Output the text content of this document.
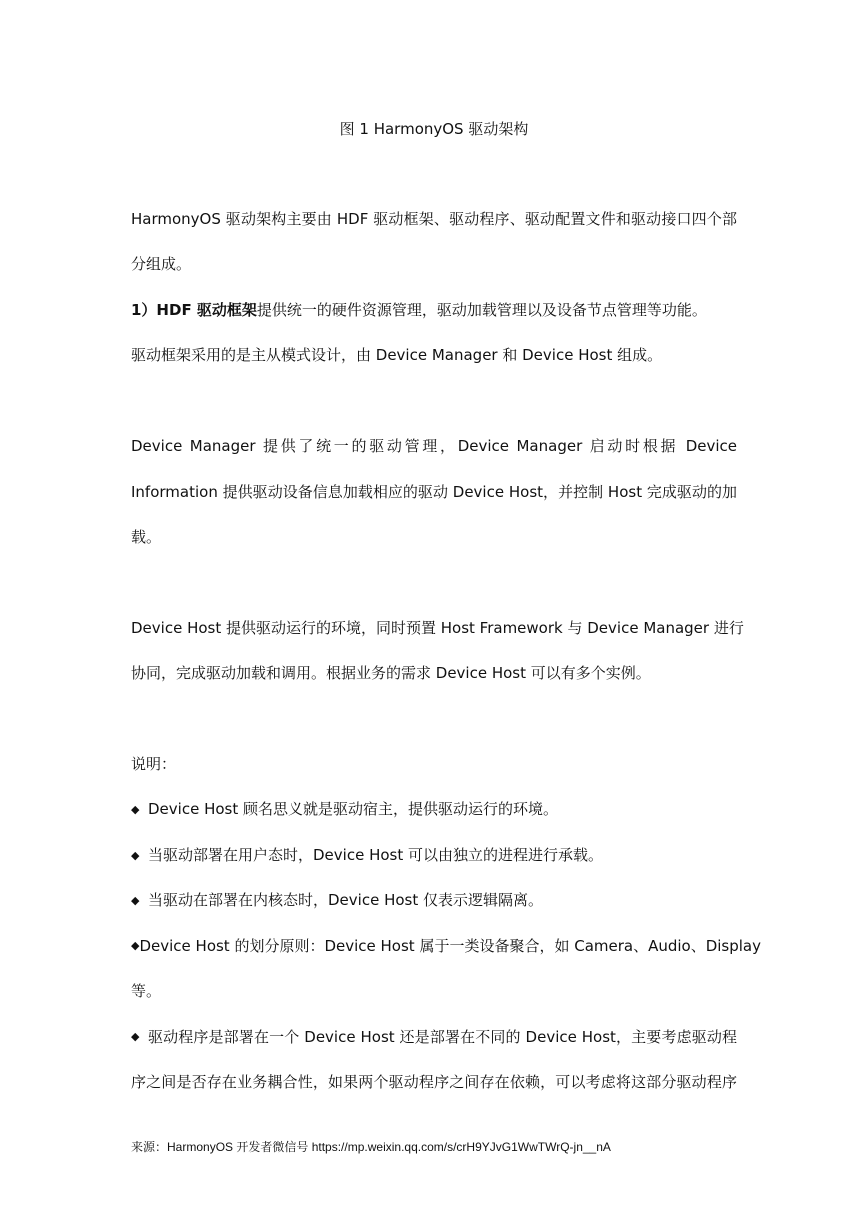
图 1 HarmonyOS 驱动架构
HarmonyOS 驱动架构主要由 HDF 驱动框架、驱动程序、驱动配置文件和驱动接口四个部
分组成。
1）HDF 驱动框架提供统一的硬件资源管理，驱动加载管理以及设备节点管理等功能。
驱动框架采用的是主从模式设计，由 Device Manager 和 Device Host 组成。
Device Manager 提供了统一的驱动管理，Device Manager 启动时根据 Device
Information 提供驱动设备信息加载相应的驱动 Device Host，并控制 Host 完成驱动的加
载。
Device Host 提供驱动运行的环境，同时预置 Host Framework 与 Device Manager 进行
协同，完成驱动加载和调用。根据业务的需求 Device Host 可以有多个实例。
说明：
◆ Device Host 顾名思义就是驱动宿主，提供驱动运行的环境。
◆ 当驱动部署在用户态时，Device Host 可以由独立的进程进行承载。
◆ 当驱动在部署在内核态时，Device Host 仅表示逻辑隔离。
◆ Device Host 的划分原则：Device Host 属于一类设备聚合，如 Camera、Audio、Display
等。
◆ 驱动程序是部署在一个 Device Host 还是部署在不同的 Device Host，主要考虑驱动程
序之间是否存在业务耦合性，如果两个驱动程序之间存在依赖，可以考虑将这部分驱动程序
来源：HarmonyOS 开发者微信号 https://mp.weixin.qq.com/s/crH9YJvG1WwTWrQ-jn__nA
